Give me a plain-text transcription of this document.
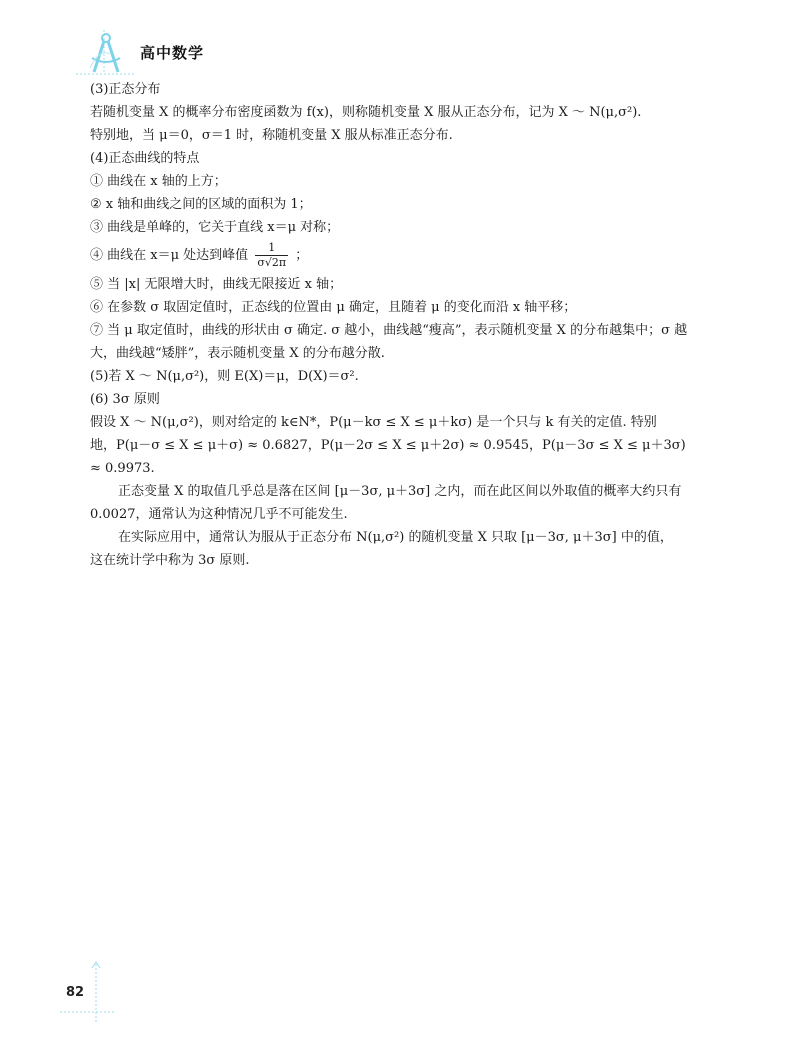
高中数学
(3)正态分布
若随机变量 X 的概率分布密度函数为 f(x)，则称随机变量 X 服从正态分布，记为 X ～ N(μ,σ²).
特别地，当 μ＝0，σ＝1 时，称随机变量 X 服从标准正态分布.
(4)正态曲线的特点
① 曲线在 x 轴的上方；
② x 轴和曲线之间的区域的面积为 1；
③ 曲线是单峰的，它关于直线 x＝μ 对称；
④ 曲线在 x＝μ 处达到峰值 $\frac{1}{\sigma√2\pi}$ ；
⑤ 当 |x| 无限增大时，曲线无限接近 x 轴；
⑥ 在参数 σ 取固定值时，正态线的位置由 μ 确定，且随着 μ 的变化而沿 x 轴平移；
⑦ 当 μ 取定值时，曲线的形状由 σ 确定. σ 越小，曲线越“瘦高”，表示随机变量 X 的分布越集中；σ 越
大，曲线越“矮胖”，表示随机变量 X 的分布越分散.
(5)若 X ～ N(μ,σ²)，则 E(X)＝μ，D(X)＝σ².
(6) 3σ 原则
假设 X ～ N(μ,σ²)，则对给定的 k∈N*，P(μ－kσ ≤ X ≤ μ＋kσ) 是一个只与 k 有关的定值. 特别
地，P(μ－σ ≤ X ≤ μ＋σ) ≈ 0.6827，P(μ－2σ ≤ X ≤ μ＋2σ) ≈ 0.9545，P(μ－3σ ≤ X ≤ μ＋3σ)
≈ 0.9973.
正态变量 X 的取值几乎总是落在区间 [μ－3σ, μ＋3σ] 之内，而在此区间以外取值的概率大约只有
0.0027，通常认为这种情况几乎不可能发生.
在实际应用中，通常认为服从于正态分布 N(μ,σ²) 的随机变量 X 只取 [μ－3σ, μ＋3σ] 中的值，
这在统计学中称为 3σ 原则.
82
